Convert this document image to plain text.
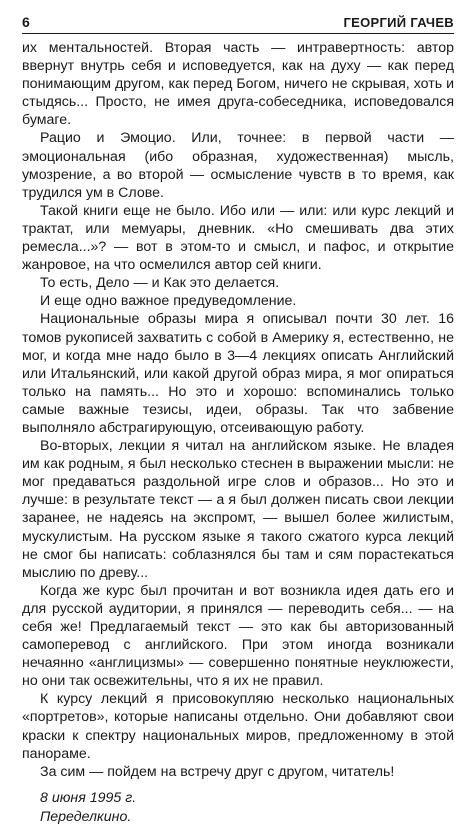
6	ГЕОРГИЙ ГАЧЕВ

их ментальностей. Вторая часть — интравертность: автор ввернут внутрь себя и исповедуется, как на духу — как перед понимающим другом, как перед Богом, ничего не скрывая, хоть и стыдясь... Просто, не имея друга-собеседника, исповедовался бумаге.

Рацио и Эмоцио. Или, точнее: в первой части — эмоциональная (ибо образная, художественная) мысль, умозрение, а во второй — осмысление чувств в то время, как трудился ум в Слове.

Такой книги еще не было. Ибо или — или: или курс лекций и трактат, или мемуары, дневник. «Но смешивать два этих ремесла...»? — вот в этом-то и смысл, и пафос, и открытие жанровое, на что осмелился автор сей книги.

То есть, Дело — и Как это делается.

И еще одно важное предуведомление.

Национальные образы мира я описывал почти 30 лет. 16 томов рукописей захватить с собой в Америку я, естественно, не мог, и когда мне надо было в 3—4 лекциях описать Английский или Итальянский, или какой другой образ мира, я мог опираться только на память... Но это и хорошо: вспоминались только самые важные тезисы, идеи, образы. Так что забвение выполняло абстрагирующую, отсеивающую работу.

Во-вторых, лекции я читал на английском языке. Не владея им как родным, я был несколько стеснен в выражении мысли: не мог предаваться раздольной игре слов и образов... Но это и лучше: в результате текст — а я был должен писать свои лекции заранее, не надеясь на экспромт, — вышел более жилистым, мускулистым. На русском языке я такого сжатого курса лекций не смог бы написать: соблазнялся бы там и сям порастекаться мыслию по древу...

Когда же курс был прочитан и вот возникла идея дать его и для русской аудитории, я принялся — переводить себя... — на себя же! Предлагаемый текст — это как бы авторизованный самоперевод с английского. При этом иногда возникали нечаянно «англицизмы» — совершенно понятные неуклюжести, но они так освежительны, что я их не правил.

К курсу лекций я присовокупляю несколько национальных «портретов», которые написаны отдельно. Они добавляют свои краски к спектру национальных миров, предложенному в этой панораме.

За сим — пойдем на встречу друг с другом, читатель!

8 июня 1995 г.
Переделкино.
